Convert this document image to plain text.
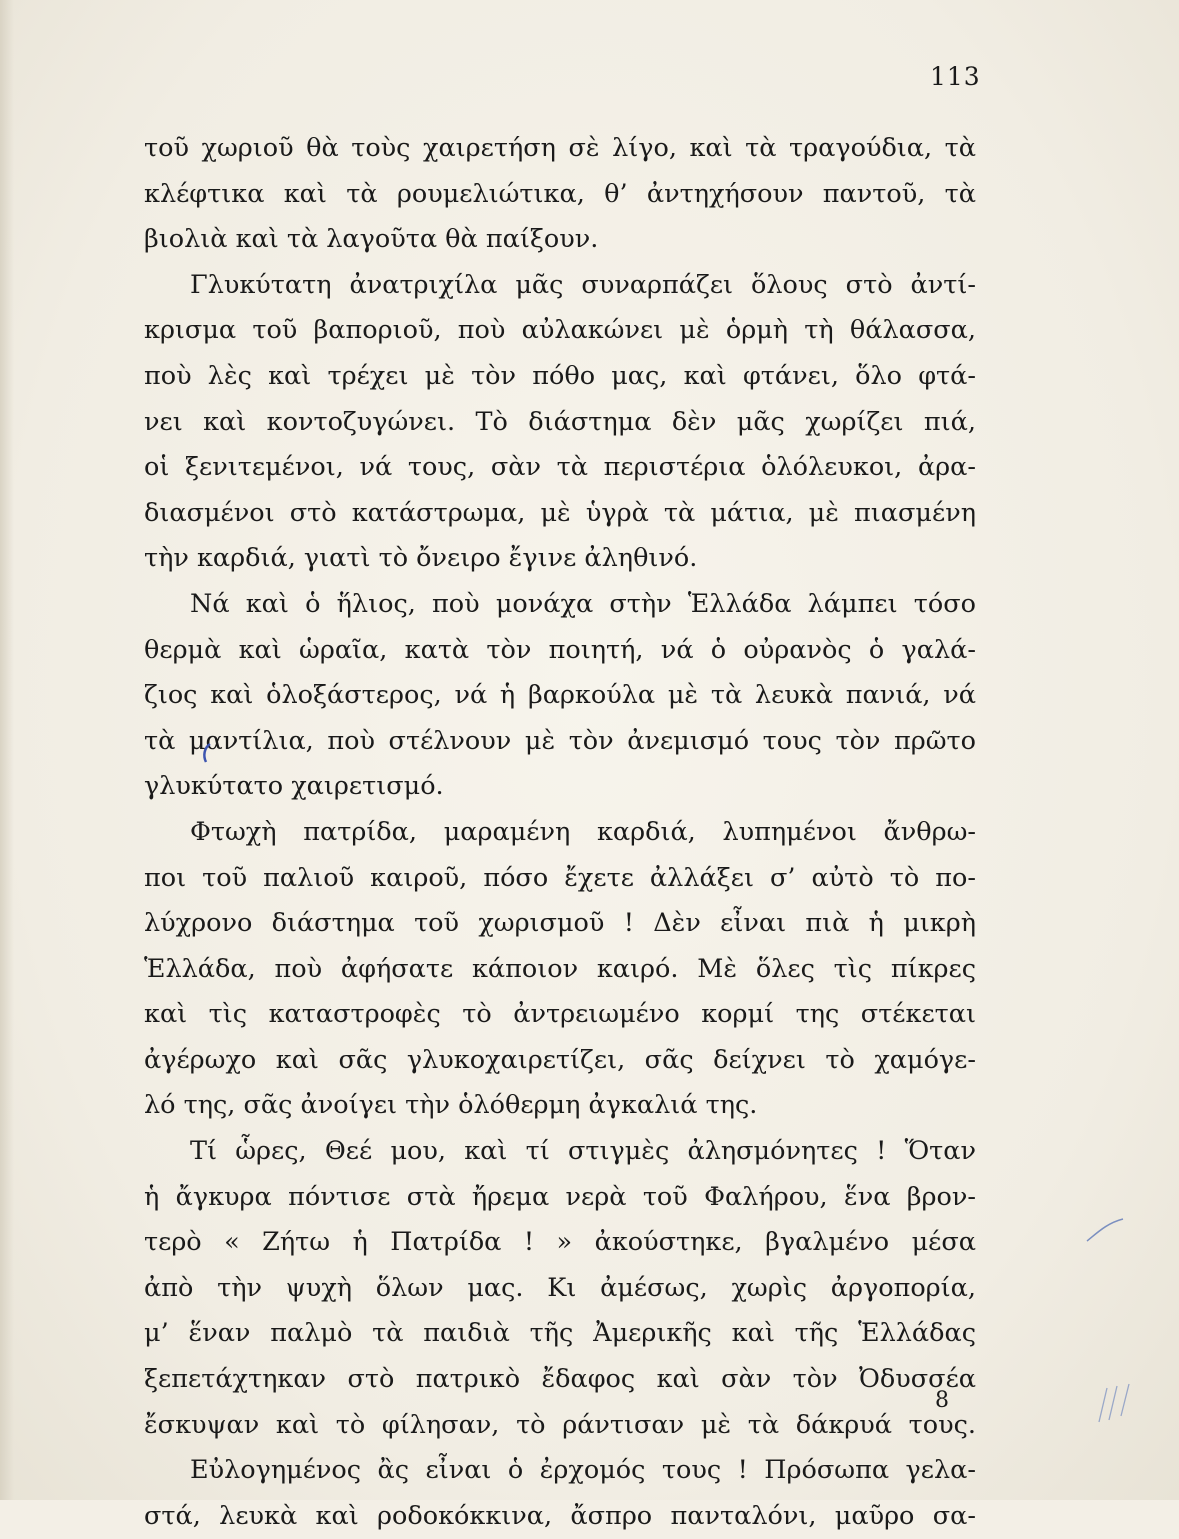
113
τοῦ χωριοῦ θὰ τοὺς χαιρετήση σὲ λίγο, καὶ τὰ τραγούδια, τὰ
κλέφτικα καὶ τὰ ρουμελιώτικα, θ’ ἀντηχήσουν παντοῦ, τὰ
βιολιὰ καὶ τὰ λαγοῦτα θὰ παίξουν.
Γλυκύτατη ἀνατριχίλα μᾶς συναρπάζει ὅλους στὸ ἀντί-
κρισμα τοῦ βαποριοῦ, ποὺ αὐλακώνει μὲ ὁρμὴ τὴ θάλασσα,
ποὺ λὲς καὶ τρέχει μὲ τὸν πόθο μας, καὶ φτάνει, ὅλο φτά-
νει καὶ κοντοζυγώνει. Τὸ διάστημα δὲν μᾶς χωρίζει πιά,
οἱ ξενιτεμένοι, νά τους, σὰν τὰ περιστέρια ὁλόλευκοι, ἀρα-
διασμένοι στὸ κατάστρωμα, μὲ ὑγρὰ τὰ μάτια, μὲ πιασμένη
τὴν καρδιά, γιατὶ τὸ ὄνειρο ἔγινε ἀληθινό.
Νά καὶ ὁ ἥλιος, ποὺ μονάχα στὴν Ἑλλάδα λάμπει τόσο
θερμὰ καὶ ὡραῖα, κατὰ τὸν ποιητή, νά ὁ οὐρανὸς ὁ γαλά-
ζιος καὶ ὁλοξάστερος, νά ἡ βαρκούλα μὲ τὰ λευκὰ πανιά, νά
τὰ μαντίλια, ποὺ στέλνουν μὲ τὸν ἀνεμισμό τους τὸν πρῶτο
γλυκύτατο χαιρετισμό.
Φτωχὴ πατρίδα, μαραμένη καρδιά, λυπημένοι ἄνθρω-
ποι τοῦ παλιοῦ καιροῦ, πόσο ἔχετε ἀλλάξει σ’ αὐτὸ τὸ πο-
λύχρονο διάστημα τοῦ χωρισμοῦ ! Δὲν εἶναι πιὰ ἡ μικρὴ
Ἑλλάδα, ποὺ ἀφήσατε κάποιον καιρό. Μὲ ὅλες τὶς πίκρες
καὶ τὶς καταστροφὲς τὸ ἀντρειωμένο κορμί της στέκεται
ἀγέρωχο καὶ σᾶς γλυκοχαιρετίζει, σᾶς δείχνει τὸ χαμόγε-
λό της, σᾶς ἀνοίγει τὴν ὁλόθερμη ἀγκαλιά της.
Τί ὧρες, Θεέ μου, καὶ τί στιγμὲς ἀλησμόνητες ! Ὅταν
ἡ ἄγκυρα πόντισε στὰ ἤρεμα νερὰ τοῦ Φαλήρου, ἕνα βρον-
τερὸ « Ζήτω ἡ Πατρίδα ! » ἀκούστηκε, βγαλμένο μέσα
ἀπὸ τὴν ψυχὴ ὅλων μας. Κι ἀμέσως, χωρὶς ἀργοπορία,
μ’ ἕναν παλμὸ τὰ παιδιὰ τῆς Ἀμερικῆς καὶ τῆς Ἑλλάδας
ξεπετάχτηκαν στὸ πατρικὸ ἔδαφος καὶ σὰν τὸν Ὀδυσσέα
ἔσκυψαν καὶ τὸ φίλησαν, τὸ ράντισαν μὲ τὰ δάκρυά τους.
Εὐλογημένος ἂς εἶναι ὁ ἐρχομός τους ! Πρόσωπα γελα-
στά, λευκὰ καὶ ροδοκόκκινα, ἄσπρο πανταλόνι, μαῦρο σα-
8
